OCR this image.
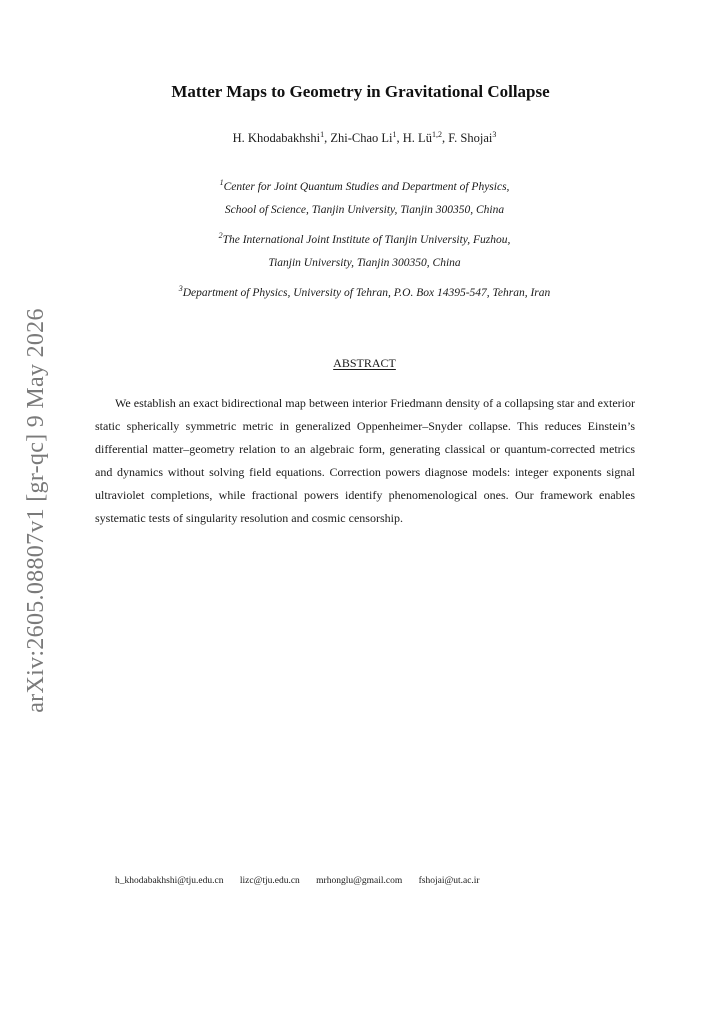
arXiv:2605.08807v1 [gr-qc] 9 May 2026
Matter Maps to Geometry in Gravitational Collapse
H. Khodabakhshi$^1$, Zhi-Chao Li$^1$, H. Lü$^{1,2}$, F. Shojai$^3$
$^1$Center for Joint Quantum Studies and Department of Physics,
School of Science, Tianjin University, Tianjin 300350, China
$^2$The International Joint Institute of Tianjin University, Fuzhou,
Tianjin University, Tianjin 300350, China
$^3$Department of Physics, University of Tehran, P.O. Box 14395-547, Tehran, Iran
ABSTRACT

We establish an exact bidirectional map between interior Friedmann density of a collapsing star and exterior static spherically symmetric metric in generalized Oppenheimer–Snyder collapse. This reduces Einstein’s differential matter–geometry relation to an algebraic form, generating classical or quantum-corrected metrics and dynamics without solving field equations. Correction powers diagnose models: integer exponents signal ultraviolet completions, while fractional powers identify phenomenological ones. Our framework enables systematic tests of singularity resolution and cosmic censorship.

h_khodabakhshi@tju.edu.cn lizc@tju.edu.cn mrhonglu@gmail.com fshojai@ut.ac.ir
